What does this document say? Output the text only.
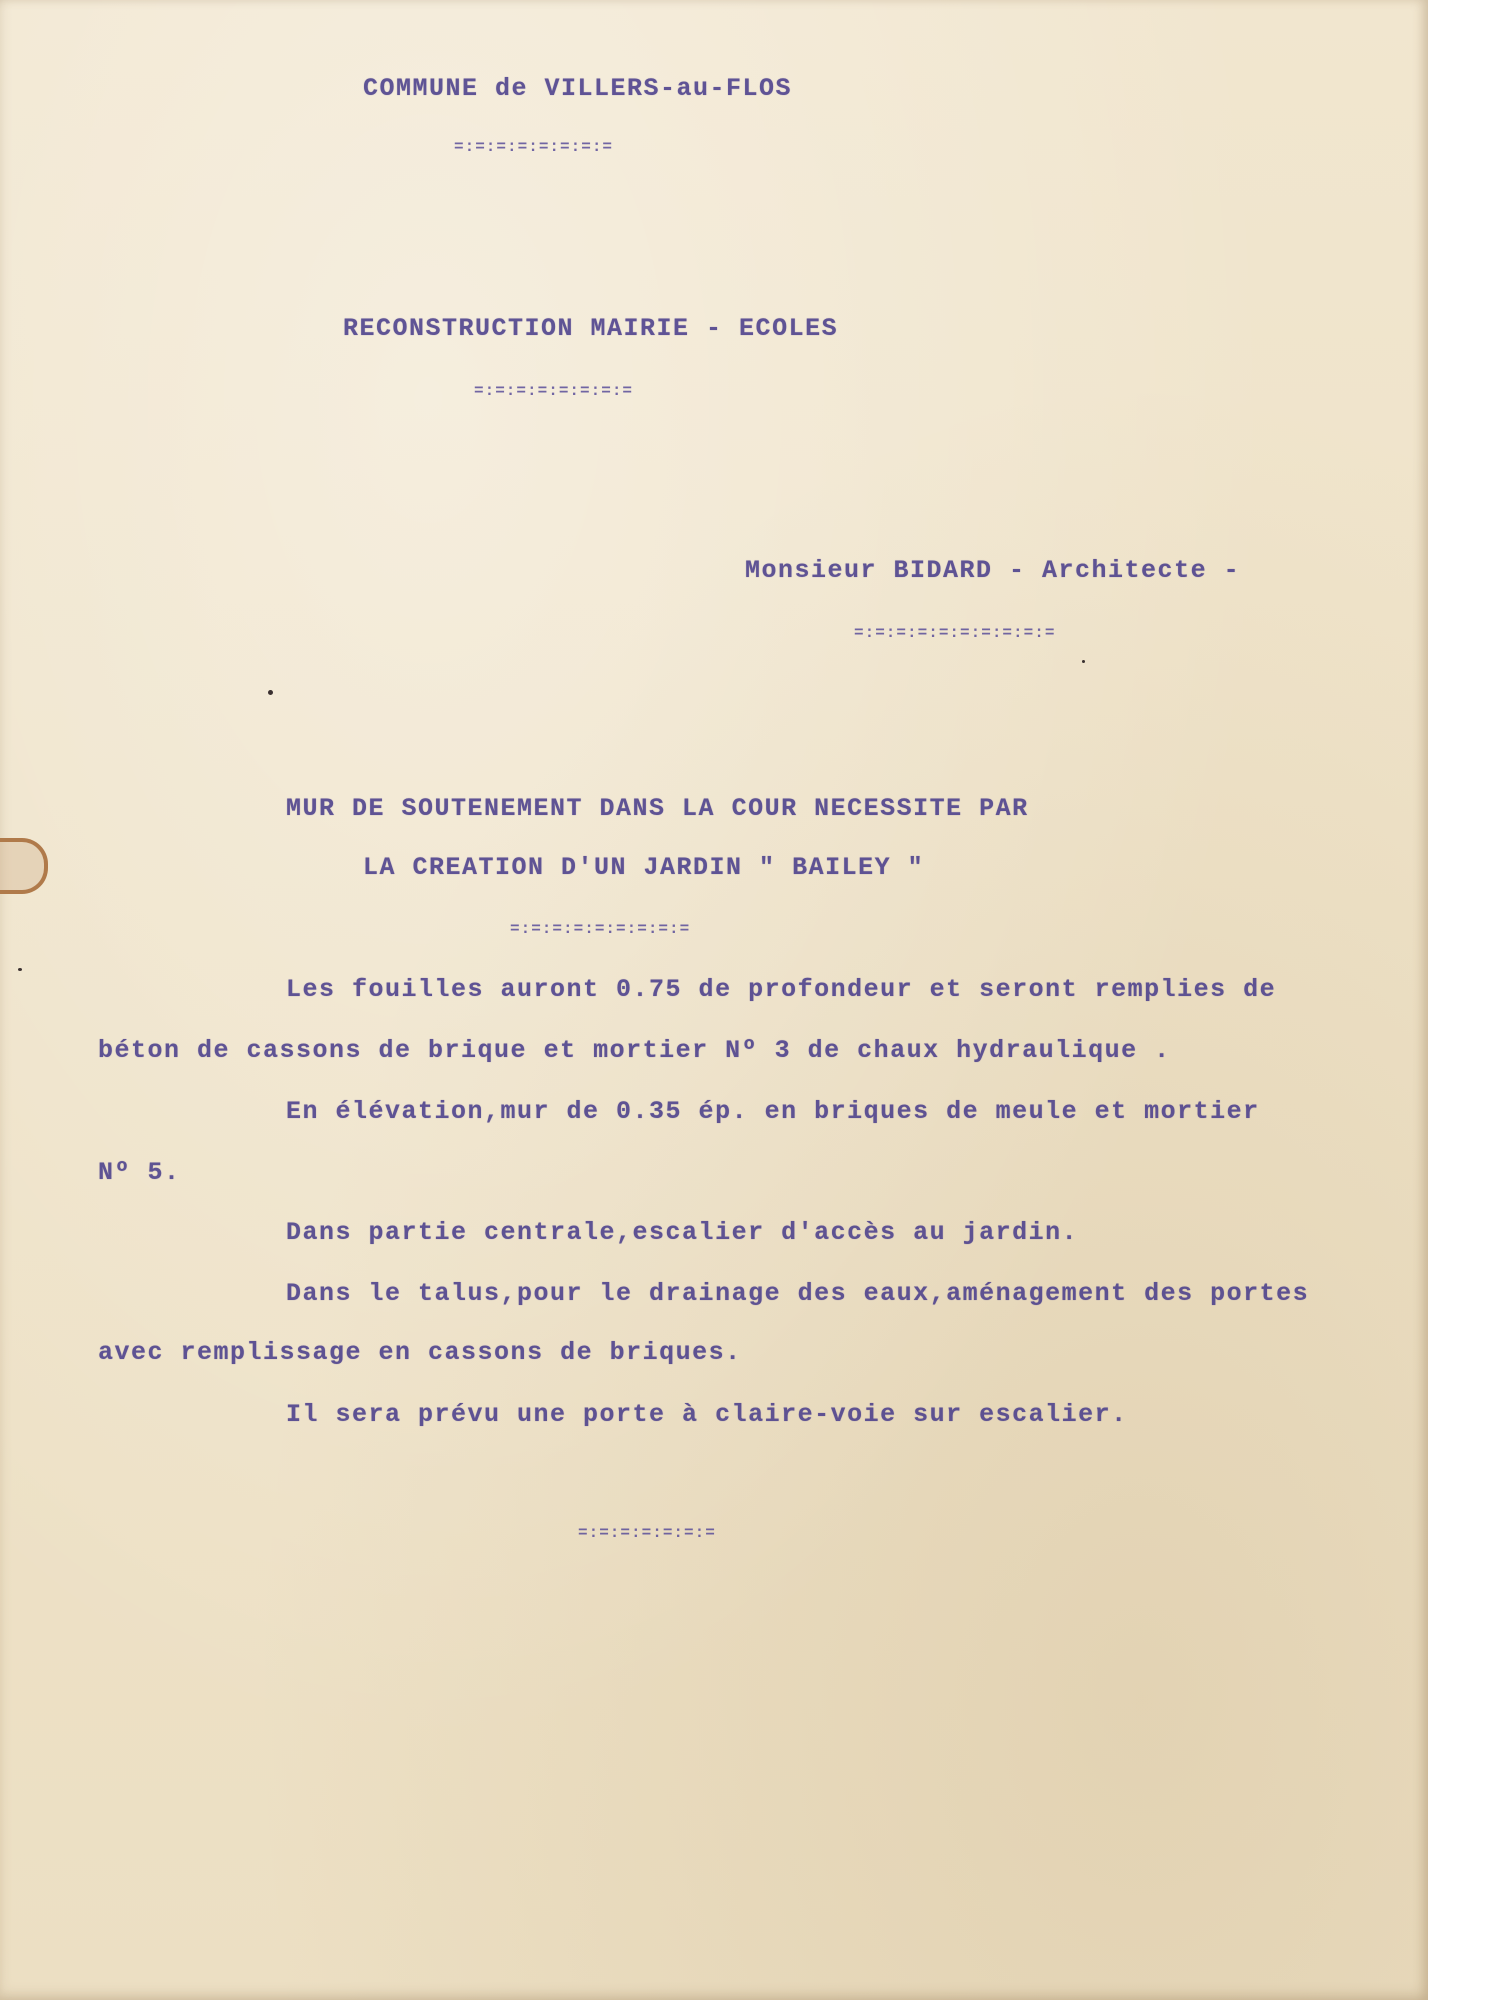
COMMUNE de VILLERS-au-FLOS

=:=:=:=:=:=:=:=

RECONSTRUCTION MAIRIE - ECOLES

=:=:=:=:=:=:=:=

Monsieur BIDARD - Architecte -

=:=:=:=:=:=:=:=:=:=

MUR DE SOUTENEMENT DANS LA COUR NECESSITE PAR

LA CREATION D'UN JARDIN " BAILEY "

=:=:=:=:=:=:=:=:=

Les fouilles auront 0.75 de profondeur et seront remplies de

béton de cassons de brique et mortier Nº 3 de chaux hydraulique .

En élévation,mur de 0.35 ép. en briques de meule et mortier

Nº 5.

Dans partie centrale,escalier d'accès au jardin.

Dans le talus,pour le drainage des eaux,aménagement des portes

avec remplissage en cassons de briques.

Il sera prévu une porte à claire-voie sur escalier.

=:=:=:=:=:=:=
